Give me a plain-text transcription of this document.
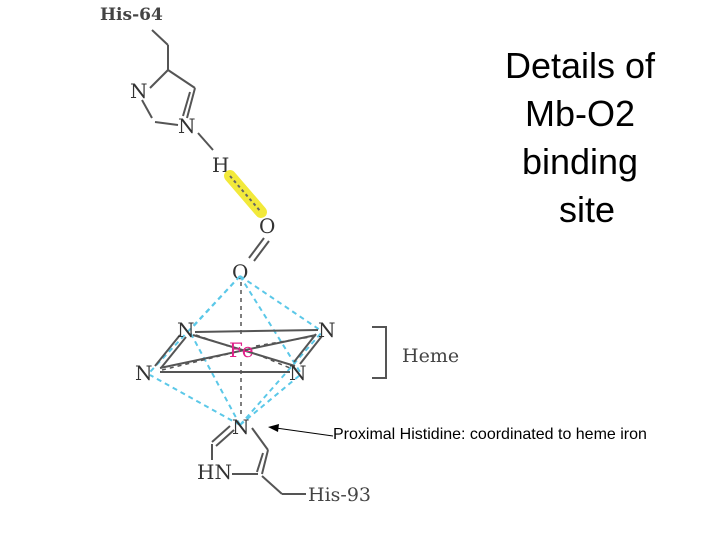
His-64
N
N
H
O
O
N	N
N	N
Fe	Heme
N
HN
His-93
Details of
Mb-O2
binding
site
Proximal Histidine: coordinated to heme iron
